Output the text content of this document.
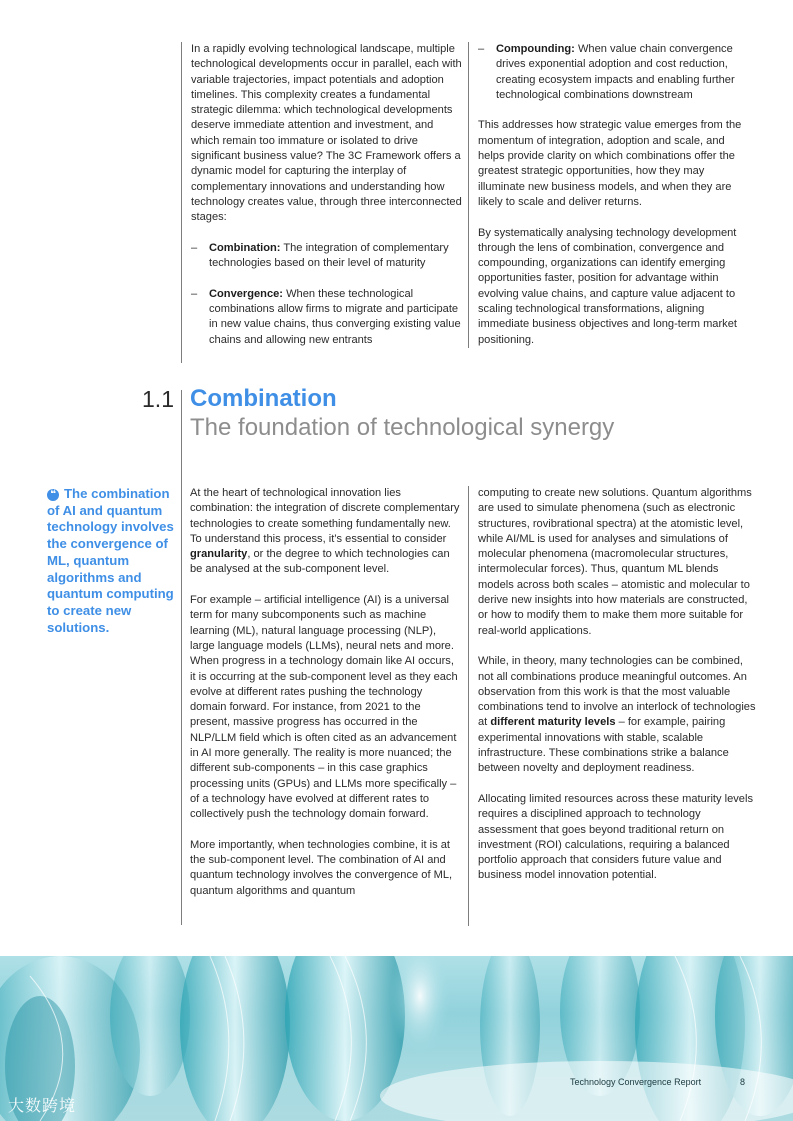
In a rapidly evolving technological landscape, multiple technological developments occur in parallel, each with variable trajectories, impact potentials and adoption timelines. This complexity creates a fundamental strategic dilemma: which technological developments deserve immediate attention and investment, and which remain too immature or isolated to drive significant business value? The 3C Framework offers a dynamic model for capturing the interplay of complementary innovations and understanding how technology creates value, through three interconnected stages:

– Combination: The integration of complementary technologies based on their level of maturity
– Convergence: When these technological combinations allow firms to migrate and participate in new value chains, thus converging existing value chains and allowing new entrants
– Compounding: When value chain convergence drives exponential adoption and cost reduction, creating ecosystem impacts and enabling further technological combinations downstream

This addresses how strategic value emerges from the momentum of integration, adoption and scale, and helps provide clarity on which combinations offer the greatest strategic opportunities, how they may illuminate new business models, and when they are likely to scale and deliver returns.

By systematically analysing technology development through the lens of combination, convergence and compounding, organizations can identify emerging opportunities faster, position for advantage within evolving value chains, and capture value adjacent to scaling technological transformations, aligning immediate business objectives and long-term market positioning.

1.1 Combination
The foundation of technological synergy
❝ The combination of AI and quantum technology involves the convergence of ML, quantum algorithms and quantum computing to create new solutions.

At the heart of technological innovation lies combination: the integration of discrete complementary technologies to create something fundamentally new. To understand this process, it’s essential to consider granularity, or the degree to which technologies can be analysed at the sub-component level.

For example – artificial intelligence (AI) is a universal term for many subcomponents such as machine learning (ML), natural language processing (NLP), large language models (LLMs), neural nets and more. When progress in a technology domain like AI occurs, it is occurring at the sub-component level as they each evolve at different rates pushing the technology domain forward. For instance, from 2021 to the present, massive progress has occurred in the NLP/LLM field which is often cited as an advancement in AI more generally. The reality is more nuanced; the different sub-components – in this case graphics processing units (GPUs) and LLMs more specifically – of a technology have evolved at different rates to collectively push the technology domain forward.

More importantly, when technologies combine, it is at the sub-component level. The combination of AI and quantum technology involves the convergence of ML, quantum algorithms and quantum

computing to create new solutions. Quantum algorithms are used to simulate phenomena (such as electronic structures, rovibrational spectra) at the atomistic level, while AI/ML is used for analyses and simulations of molecular phenomena (macromolecular structures, intermolecular forces). Thus, quantum ML blends models across both scales – atomistic and molecular to derive new insights into how materials are constructed, or how to modify them to make them more suitable for real-world applications.

While, in theory, many technologies can be combined, not all combinations produce meaningful outcomes. An observation from this work is that the most valuable combinations tend to involve an interlock of technologies at different maturity levels – for example, pairing experimental innovations with stable, scalable infrastructure. These combinations strike a balance between novelty and deployment readiness.

Allocating limited resources across these maturity levels requires a disciplined approach to technology assessment that goes beyond traditional return on investment (ROI) calculations, requiring a balanced portfolio approach that considers future value and business model innovation potential.

Technology Convergence Report	8
大数跨境
